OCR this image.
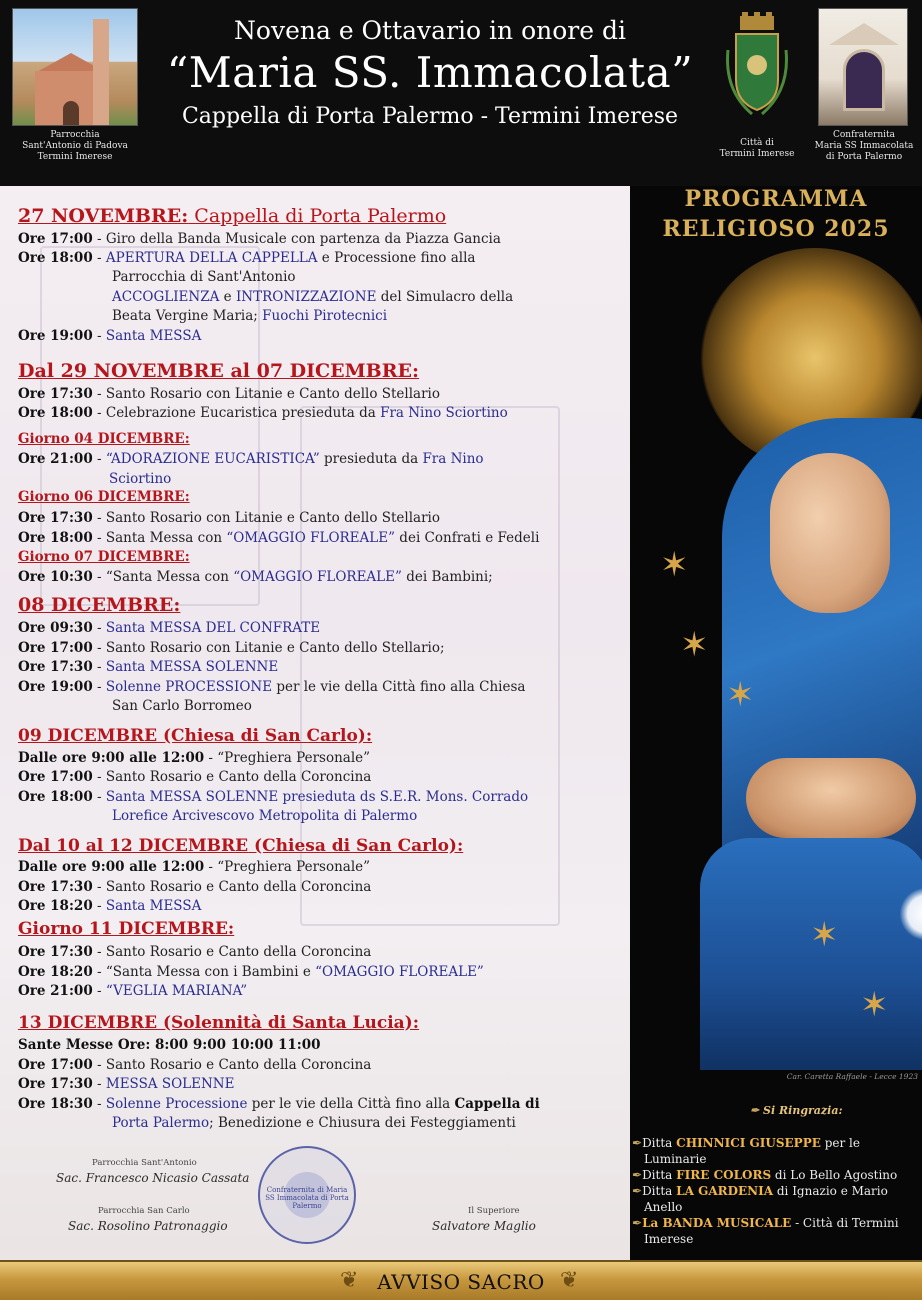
Parrocchia
Sant'Antonio di Padova
Termini Imerese
Novena e Ottavario in onore di
“Maria SS. Immacolata”
Cappella di Porta Palermo - Termini Imerese
Città di
Termini Imerese
Confraternita
Maria SS Immacolata
di Porta Palermo
27 NOVEMBRE: Cappella di Porta Palermo
Ore 17:00 - Giro della Banda Musicale con partenza da Piazza Gancia
Ore 18:00 - APERTURA DELLA CAPPELLA e Processione fino alla
Parrocchia di Sant'Antonio
ACCOGLIENZA e INTRONIZZAZIONE del Simulacro della
Beata Vergine Maria; Fuochi Pirotecnici
Ore 19:00 - Santa MESSA
Dal 29 NOVEMBRE al 07 DICEMBRE:
Ore 17:30 - Santo Rosario con Litanie e Canto dello Stellario
Ore 18:00 - Celebrazione Eucaristica presieduta da Fra Nino Sciortino
Giorno 04 DICEMBRE:
Ore 21:00 - “ADORAZIONE EUCARISTICA” presieduta da Fra Nino
Sciortino
Giorno 06 DICEMBRE:
Ore 17:30 - Santo Rosario con Litanie e Canto dello Stellario
Ore 18:00 - Santa Messa con “OMAGGIO FLOREALE” dei Confrati e Fedeli
Giorno 07 DICEMBRE:
Ore 10:30 - “Santa Messa con “OMAGGIO FLOREALE” dei Bambini;
08 DICEMBRE:
Ore 09:30 - Santa MESSA DEL CONFRATE
Ore 17:00 - Santo Rosario con Litanie e Canto dello Stellario;
Ore 17:30 - Santa MESSA SOLENNE
Ore 19:00 - Solenne PROCESSIONE per le vie della Città fino alla Chiesa
San Carlo Borromeo
09 DICEMBRE (Chiesa di San Carlo):
Dalle ore 9:00 alle 12:00 - “Preghiera Personale”
Ore 17:00 - Santo Rosario e Canto della Coroncina
Ore 18:00 - Santa MESSA SOLENNE presieduta ds S.E.R. Mons. Corrado
Lorefice Arcivescovo Metropolita di Palermo
Dal 10 al 12 DICEMBRE (Chiesa di San Carlo):
Dalle ore 9:00 alle 12:00 - “Preghiera Personale”
Ore 17:30 - Santo Rosario e Canto della Coroncina
Ore 18:20 - Santa MESSA
Giorno 11 DICEMBRE:
Ore 17:30 - Santo Rosario e Canto della Coroncina
Ore 18:20 - “Santa Messa con i Bambini e “OMAGGIO FLOREALE”
Ore 21:00 - “VEGLIA MARIANA”
13 DICEMBRE (Solennità di Santa Lucia):
Sante Messe Ore: 8:00 9:00 10:00 11:00
Ore 17:00 - Santo Rosario e Canto della Coroncina
Ore 17:30 - MESSA SOLENNE
Ore 18:30 - Solenne Processione per le vie della Città fino alla Cappella di
Porta Palermo; Benedizione e Chiusura dei Festeggiamenti
Parrocchia Sant'Antonio
Sac. Francesco Nicasio Cassata
Parrocchia San Carlo
Sac. Rosolino Patronaggio
Confraternita di Maria SS Immacolata di Porta Palermo	Il Superiore
Salvatore Maglio
PROGRAMMA
RELIGIOSO 2025
✶
✶
✶
✶
✶
Car. Caretta Raffaele - Lecce 1923
✒ Si Ringrazia:
✒Ditta CHINNICI GIUSEPPE per le
Luminarie
✒Ditta FIRE COLORS di Lo Bello Agostino
✒Ditta LA GARDENIA di Ignazio e Mario
Anello
✒La BANDA MUSICALE - Città di Termini
Imerese
❦ AVVISO SACRO ❦
